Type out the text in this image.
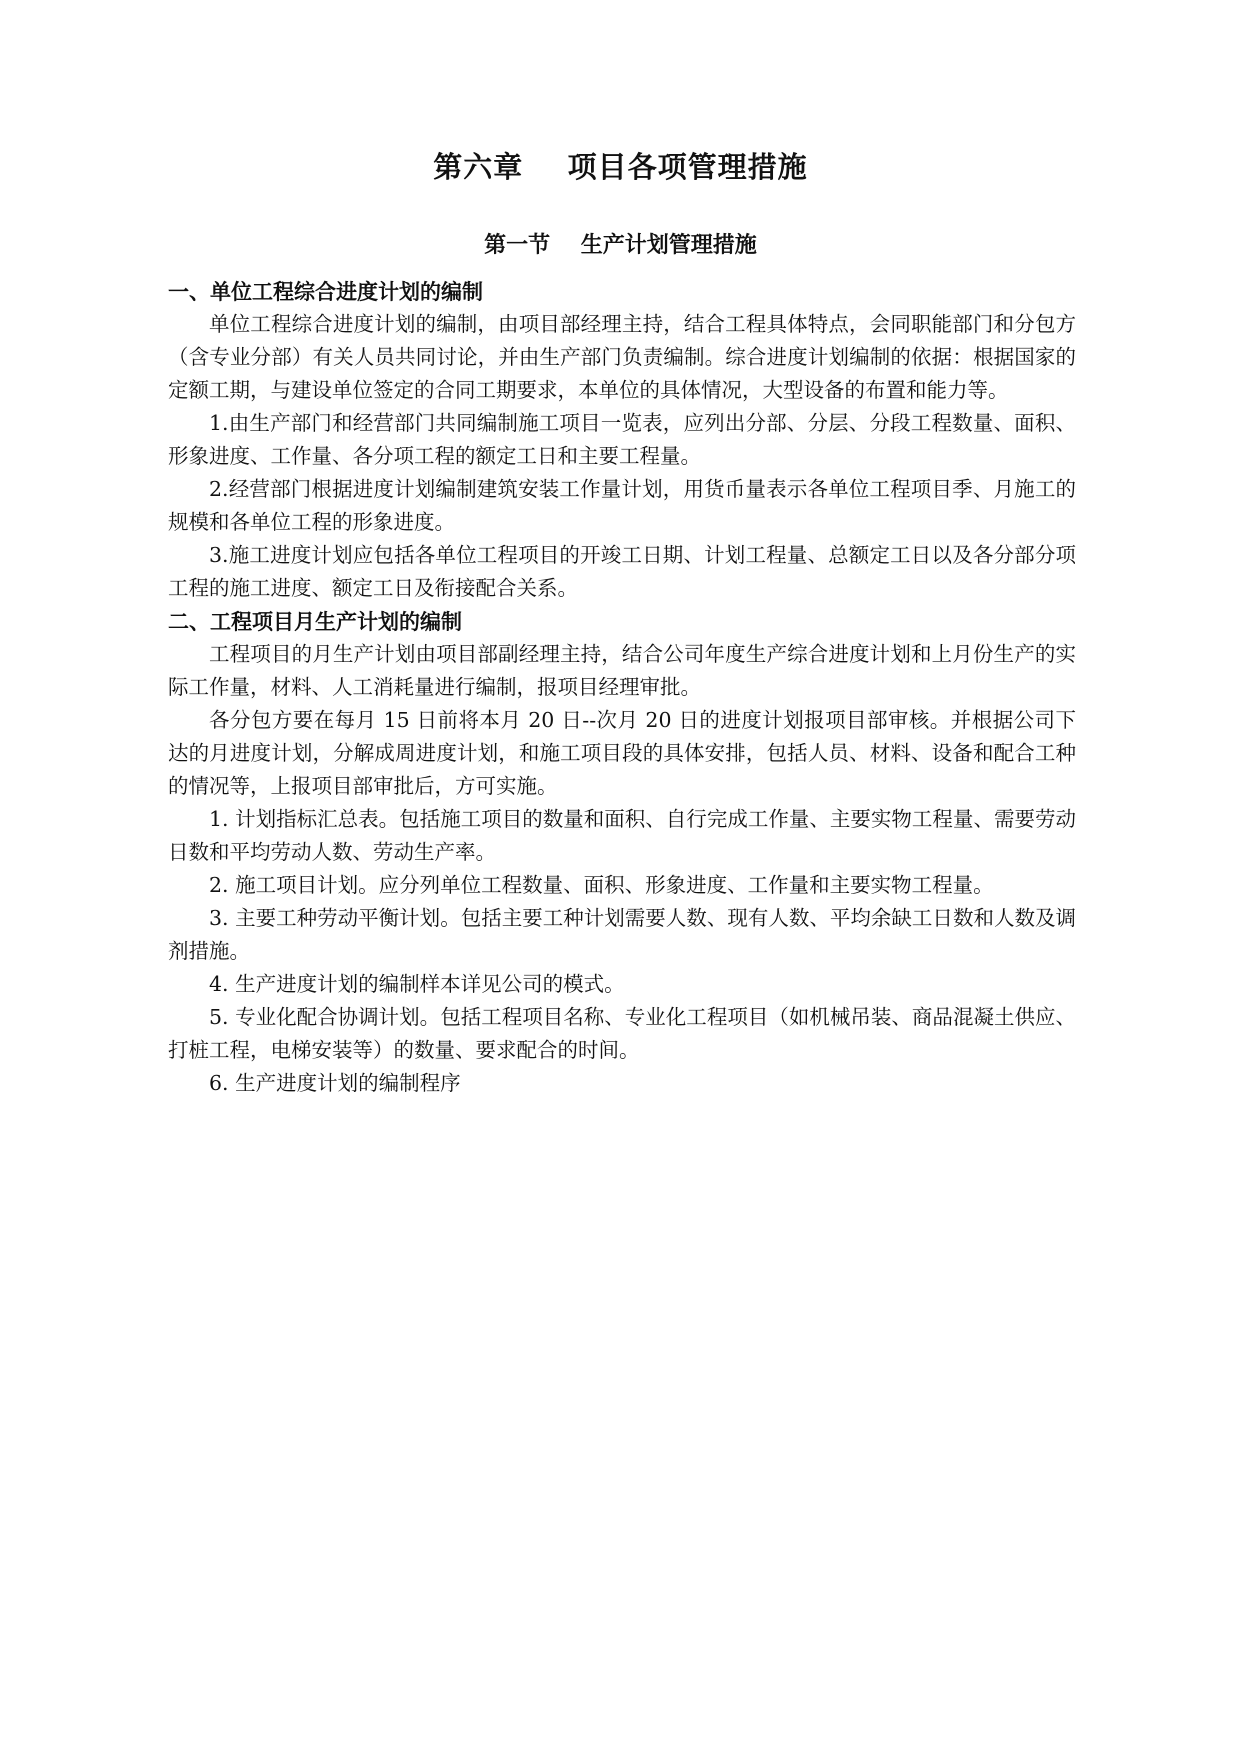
第六章    项目各项管理措施
第一节    生产计划管理措施

一、单位工程综合进度计划的编制

单位工程综合进度计划的编制，由项目部经理主持，结合工程具体特点，会同职能部门和分包方（含专业分部）有关人员共同讨论，并由生产部门负责编制。综合进度计划编制的依据：根据国家的定额工期，与建设单位签定的合同工期要求，本单位的具体情况，大型设备的布置和能力等。

1.由生产部门和经营部门共同编制施工项目一览表，应列出分部、分层、分段工程数量、面积、形象进度、工作量、各分项工程的额定工日和主要工程量。

2.经营部门根据进度计划编制建筑安装工作量计划，用货币量表示各单位工程项目季、月施工的规模和各单位工程的形象进度。

3.施工进度计划应包括各单位工程项目的开竣工日期、计划工程量、总额定工日以及各分部分项工程的施工进度、额定工日及衔接配合关系。

二、工程项目月生产计划的编制

工程项目的月生产计划由项目部副经理主持，结合公司年度生产综合进度计划和上月份生产的实际工作量，材料、人工消耗量进行编制，报项目经理审批。

各分包方要在每月 15 日前将本月 20 日--次月 20 日的进度计划报项目部审核。并根据公司下达的月进度计划，分解成周进度计划，和施工项目段的具体安排，包括人员、材料、设备和配合工种的情况等，上报项目部审批后，方可实施。

1. 计划指标汇总表。包括施工项目的数量和面积、自行完成工作量、主要实物工程量、需要劳动日数和平均劳动人数、劳动生产率。

2. 施工项目计划。应分列单位工程数量、面积、形象进度、工作量和主要实物工程量。

3. 主要工种劳动平衡计划。包括主要工种计划需要人数、现有人数、平均余缺工日数和人数及调剂措施。

4. 生产进度计划的编制样本详见公司的模式。

5. 专业化配合协调计划。包括工程项目名称、专业化工程项目（如机械吊装、商品混凝土供应、打桩工程，电梯安装等）的数量、要求配合的时间。

6. 生产进度计划的编制程序
